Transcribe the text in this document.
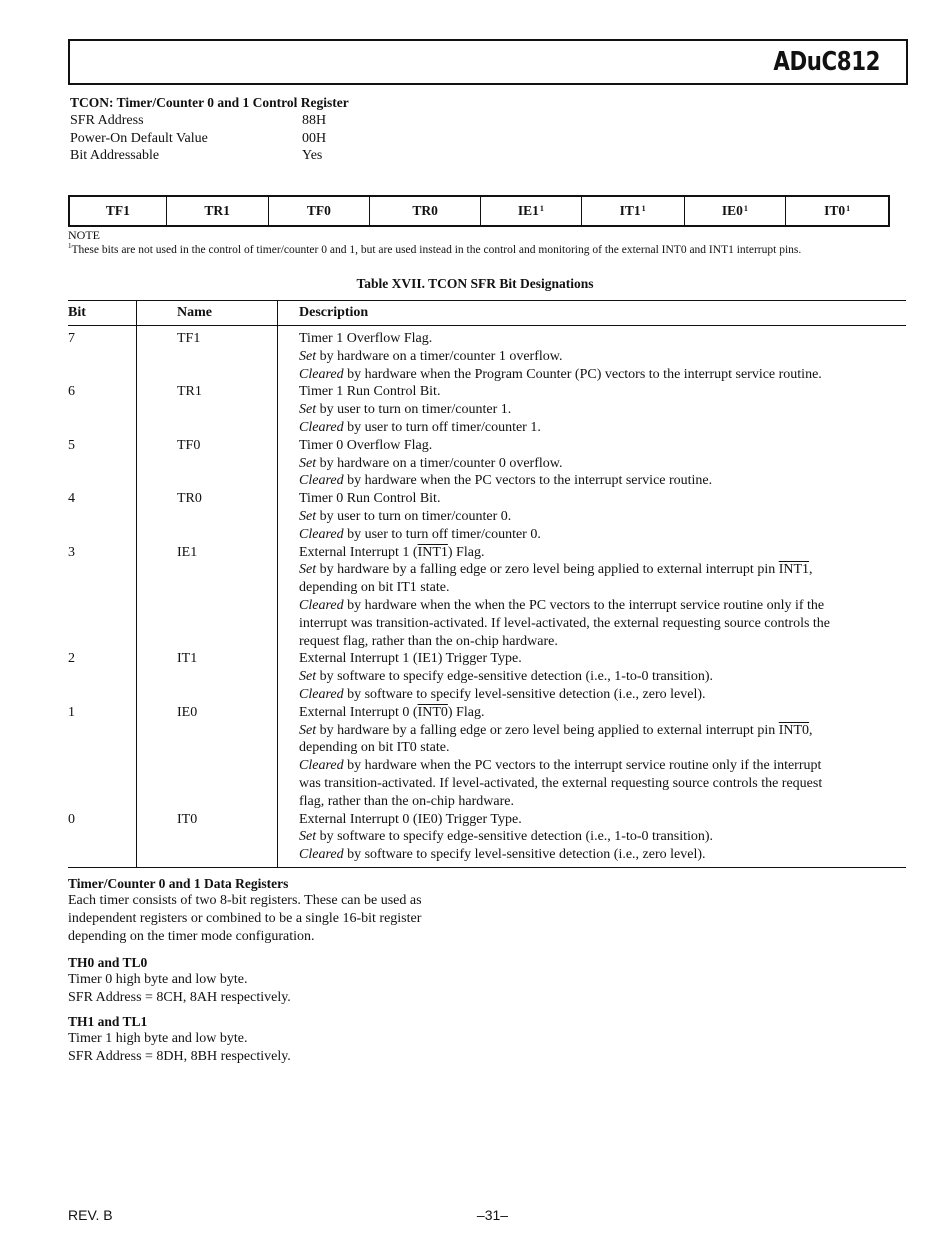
ADuC812
TCON: Timer/Counter 0 and 1 Control Register
SFR Address	88H
Power-On Default Value	00H
Bit Addressable	Yes
TF1	TR1	TF0	TR0	$IE1^1$	$IT1^1$	$IE0^1$	$IT0^1$
NOTE
$^1$These bits are not used in the control of timer/counter 0 and 1, but are used instead in the control and monitoring of the external INT0 and INT1 interrupt pins.
Table XVII. TCON SFR Bit Designations
Bit	Name	Description
7	TF1	Timer 1 Overflow Flag.
Set by hardware on a timer/counter 1 overflow.
Cleared by hardware when the Program Counter (PC) vectors to the interrupt service routine.
6	TR1	Timer 1 Run Control Bit.
Set by user to turn on timer/counter 1.
Cleared by user to turn off timer/counter 1.
5	TF0	Timer 0 Overflow Flag.
Set by hardware on a timer/counter 0 overflow.
Cleared by hardware when the PC vectors to the interrupt service routine.
4	TR0	Timer 0 Run Control Bit.
Set by user to turn on timer/counter 0.
Cleared by user to turn off timer/counter 0.
3	IE1	External Interrupt 1 (INT1) Flag.
Set by hardware by a falling edge or zero level being applied to external interrupt pin INT1,
depending on bit IT1 state.
Cleared by hardware when the when the PC vectors to the interrupt service routine only if the
interrupt was transition-activated. If level-activated, the external requesting source controls the
request flag, rather than the on-chip hardware.
2	IT1	External Interrupt 1 (IE1) Trigger Type.
Set by software to specify edge-sensitive detection (i.e., 1-to-0 transition).
Cleared by software to specify level-sensitive detection (i.e., zero level).
1	IE0	External Interrupt 0 (INT0) Flag.
Set by hardware by a falling edge or zero level being applied to external interrupt pin INT0,
depending on bit IT0 state.
Cleared by hardware when the PC vectors to the interrupt service routine only if the interrupt
was transition-activated. If level-activated, the external requesting source controls the request
flag, rather than the on-chip hardware.
0	IT0	External Interrupt 0 (IE0) Trigger Type.
Set by software to specify edge-sensitive detection (i.e., 1-to-0 transition).
Cleared by software to specify level-sensitive detection (i.e., zero level).
Timer/Counter 0 and 1 Data Registers
Each timer consists of two 8-bit registers. These can be used as
independent registers or combined to be a single 16-bit register
depending on the timer mode configuration.
TH0 and TL0
Timer 0 high byte and low byte.
SFR Address = 8CH, 8AH respectively.
TH1 and TL1
Timer 1 high byte and low byte.
SFR Address = 8DH, 8BH respectively.
REV. B	–31–
